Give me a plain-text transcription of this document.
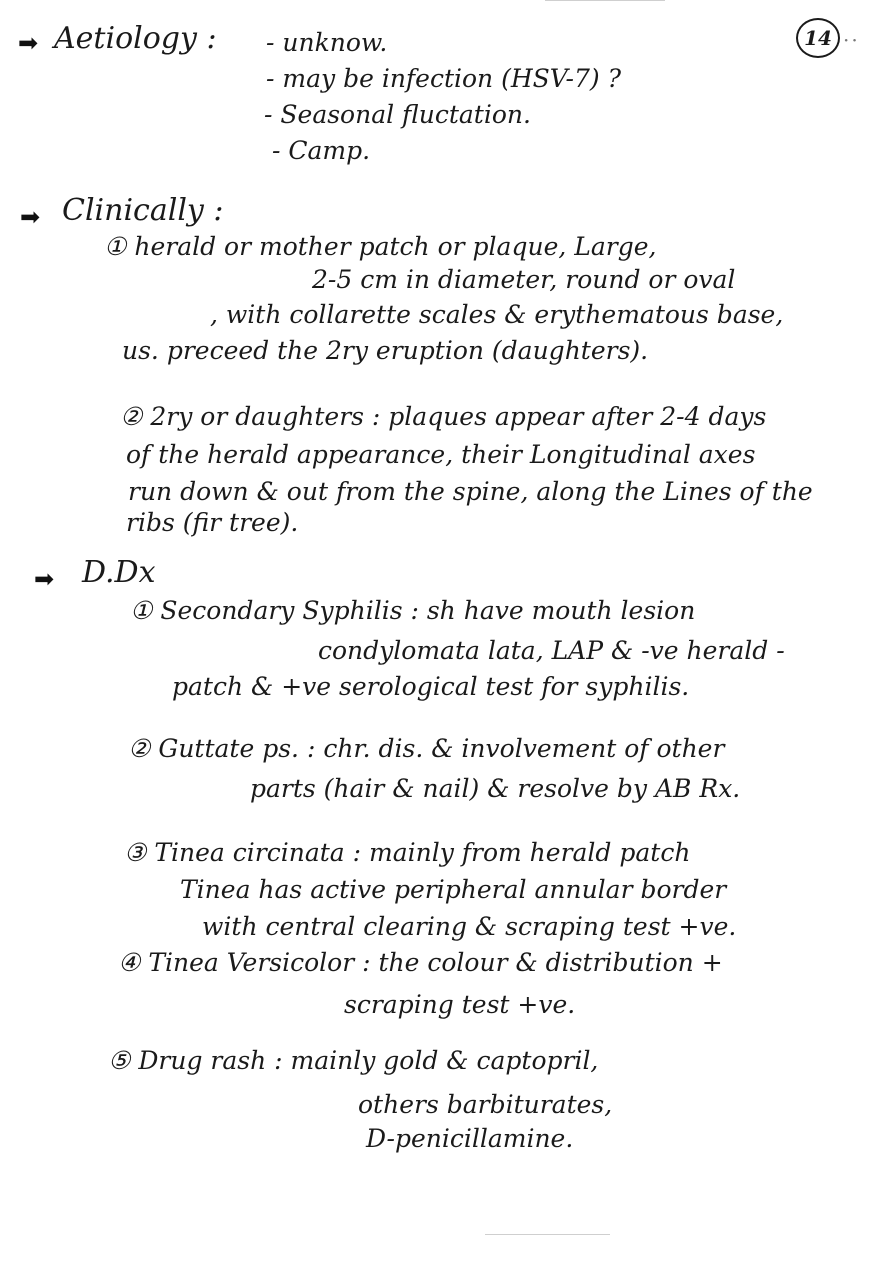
14 ··
➡ Aetiology : - unknow.
- may be infection (HSV-7) ?
- Seasonal fluctation.
- Camp.
➡ Clinically :
① herald or mother patch or plaque, Large,
2-5 cm in diameter, round or oval
, with collarette scales & erythematous base,
us. preceed the 2ry eruption (daughters).
② 2ry or daughters : plaques appear after 2-4 days
of the herald appearance, their Longitudinal axes
run down & out from the spine, along the Lines of the
ribs (fir tree).
➡ D.Dx
① Secondary Syphilis : sh have mouth lesion
condylomata lata, LAP & -ve herald -
patch & +ve serological test for syphilis.
② Guttate ps. : chr. dis. & involvement of other
parts (hair & nail) & resolve by AB Rx.
③ Tinea circinata : mainly from herald patch
Tinea has active peripheral annular border
with central clearing & scraping test +ve.
④ Tinea Versicolor : the colour & distribution +
scraping test +ve.
⑤ Drug rash : mainly gold & captopril,
others barbiturates,
D-penicillamine.
